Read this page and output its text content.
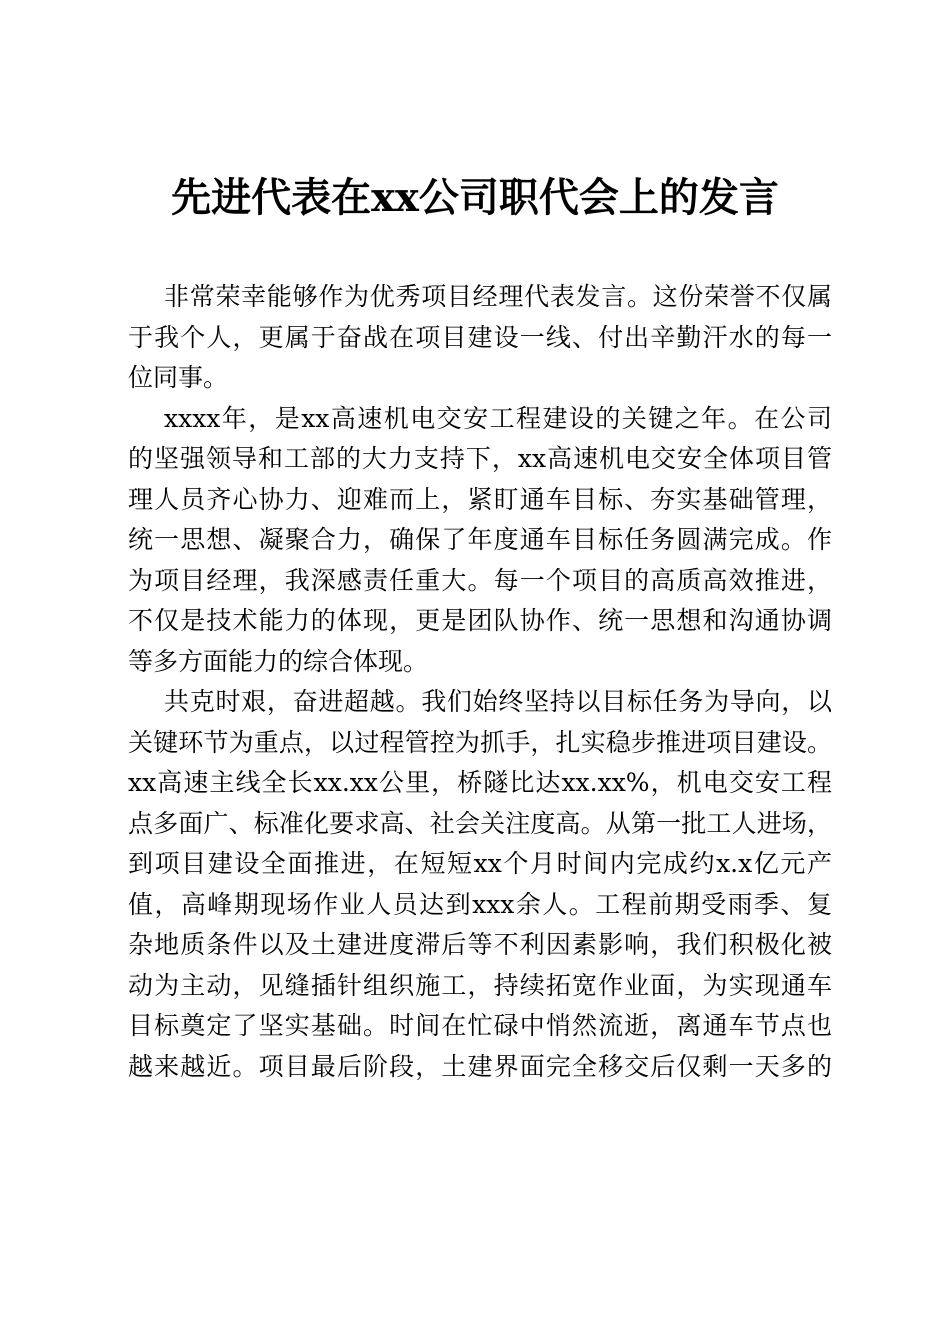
先进代表在xx公司职代会上的发言
非常荣幸能够作为优秀项目经理代表发言。这份荣誉不仅属
于我个人，更属于奋战在项目建设一线、付出辛勤汗水的每一
位同事。
xxxx年，是xx高速机电交安工程建设的关键之年。在公司
的坚强领导和工部的大力支持下，xx高速机电交安全体项目管
理人员齐心协力、迎难而上，紧盯通车目标、夯实基础管理，
统一思想、凝聚合力，确保了年度通车目标任务圆满完成。作
为项目经理，我深感责任重大。每一个项目的高质高效推进，
不仅是技术能力的体现，更是团队协作、统一思想和沟通协调
等多方面能力的综合体现。
共克时艰，奋进超越。我们始终坚持以目标任务为导向，以
关键环节为重点，以过程管控为抓手，扎实稳步推进项目建设。
xx高速主线全长xx.xx公里，桥隧比达xx.xx%，机电交安工程
点多面广、标准化要求高、社会关注度高。从第一批工人进场，
到项目建设全面推进，在短短xx个月时间内完成约x.x亿元产
值，高峰期现场作业人员达到xxx余人。工程前期受雨季、复
杂地质条件以及土建进度滞后等不利因素影响，我们积极化被
动为主动，见缝插针组织施工，持续拓宽作业面，为实现通车
目标奠定了坚实基础。时间在忙碌中悄然流逝，离通车节点也
越来越近。项目最后阶段，土建界面完全移交后仅剩一天多的
